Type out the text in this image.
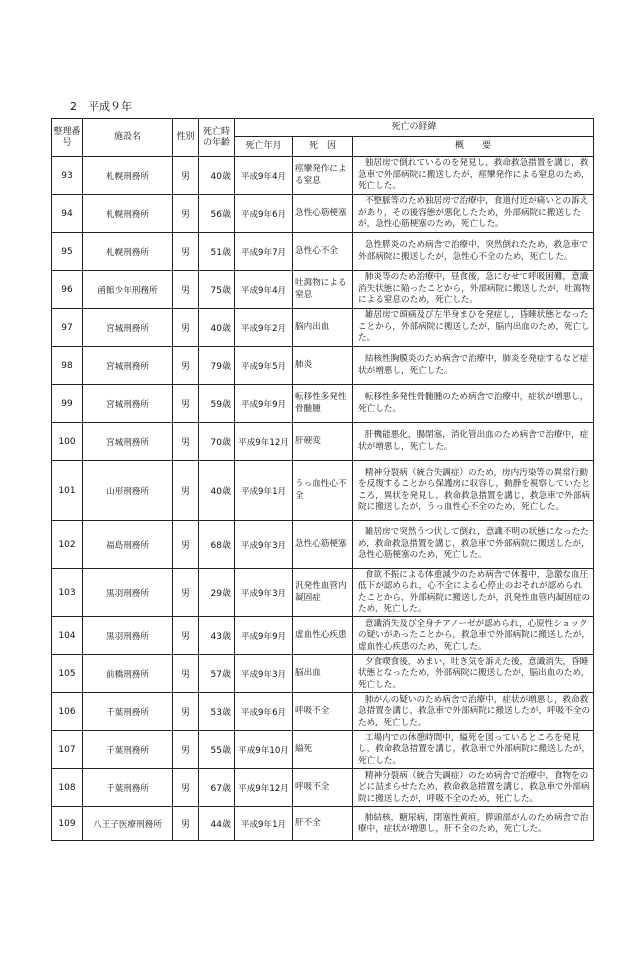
2　平成９年
整理番号	施設名	性別	死亡時の年齢	死亡の経緯		
				死亡年月	死　因	概　　要
93	札幌刑務所	男	40歳	平成9年4月	痙攣発作による窒息	独居房で倒れているのを発見し，救命救急措置を講じ，救急車で外部病院に搬送したが，痙攣発作による窒息のため，死亡した。
94	札幌刑務所	男	56歳	平成9年6月	急性心筋梗塞	不整脈等のため独居房で治療中，食道付近が痛いとの訴えがあり，その後容態が悪化したため，外部病院に搬送したが，急性心筋梗塞のため，死亡した。
95	札幌刑務所	男	51歳	平成9年7月	急性心不全	急性膵炎のため病舎で治療中，突然倒れたため，救急車で外部病院に搬送したが，急性心不全のため，死亡した。
96	函館少年刑務所	男	75歳	平成9年4月	吐瀉物による窒息	肺炎等のため治療中，昼食後，急にむせて呼吸困難，意識消失状態に陥ったことから，外部病院に搬送したが，吐瀉物による窒息のため，死亡した。
97	宮城刑務所	男	40歳	平成9年2月	脳内出血	雑居房で頭痛及び左半身まひを発症し，昏睡状態となったことから，外部病院に搬送したが，脳内出血のため，死亡した。
98	宮城刑務所	男	79歳	平成9年5月	肺炎	結核性胸膜炎のため病舎で治療中，肺炎を発症するなど症状が増悪し，死亡した。
99	宮城刑務所	男	59歳	平成9年9月	転移性多発性骨髄腫	転移性多発性骨髄腫のため病舎で治療中，症状が増悪し，死亡した。
100	宮城刑務所	男	70歳	平成9年12月	肝硬変	肝機能悪化，腸閉塞，消化管出血のため病舎で治療中，症状が増悪し，死亡した。
101	山形刑務所	男	40歳	平成9年1月	うっ血性心不全	精神分裂病（統合失調症）のため，房内汚染等の異常行動を反復することから保護房に収容し，動静を視察していたところ，異状を発見し，救命救急措置を講じ，救急車で外部病院に搬送したが，うっ血性心不全のため，死亡した。
102	福島刑務所	男	68歳	平成9年3月	急性心筋梗塞	雑居房で突然うつ伏して倒れ，意識不明の状態になったため，救命救急措置を講じ，救急車で外部病院に搬送したが，急性心筋梗塞のため，死亡した。
103	黒羽刑務所	男	29歳	平成9年3月	汎発性血管内凝固症	食欲不振による体重減少のため病舎で休養中，急激な血圧低下が認められ，心不全による心停止のおそれが認められたことから，外部病院に搬送したが，汎発性血管内凝固症のため，死亡した。
104	黒羽刑務所	男	43歳	平成9年9月	虚血性心疾患	意識消失及び全身チアノーゼが認められ，心原性ショックの疑いがあったことから，救急車で外部病院に搬送したが，虚血性心疾患のため，死亡した。
105	前橋刑務所	男	57歳	平成9年3月	脳出血	夕食喫食後，めまい，吐き気を訴えた後，意識消失，昏睡状態となったため，外部病院に搬送したが，脳出血のため，死亡した。
106	千葉刑務所	男	53歳	平成9年6月	呼吸不全	肺がんの疑いのため病舎で治療中，症状が増悪し，救命救急措置を講じ，救急車で外部病院に搬送したが，呼吸不全のため，死亡した。
107	千葉刑務所	男	55歳	平成9年10月	縊死	工場内での休憩時間中，縊死を図っているところを発見し，救命救急措置を講じ，救急車で外部病院に搬送したが，死亡した。
108	千葉刑務所	男	67歳	平成9年12月	呼吸不全	精神分裂病（統合失調症）のため病舎で治療中，食物をのどに詰まらせたため，救命救急措置を講じ，救急車で外部病院に搬送したが，呼吸不全のため，死亡した。
109	八王子医療刑務所	男	44歳	平成9年1月	肝不全	肺結核，糖尿病，閉塞性黄疸，膵頭部がんのため病舎で治療中，症状が増悪し，肝不全のため，死亡した。
